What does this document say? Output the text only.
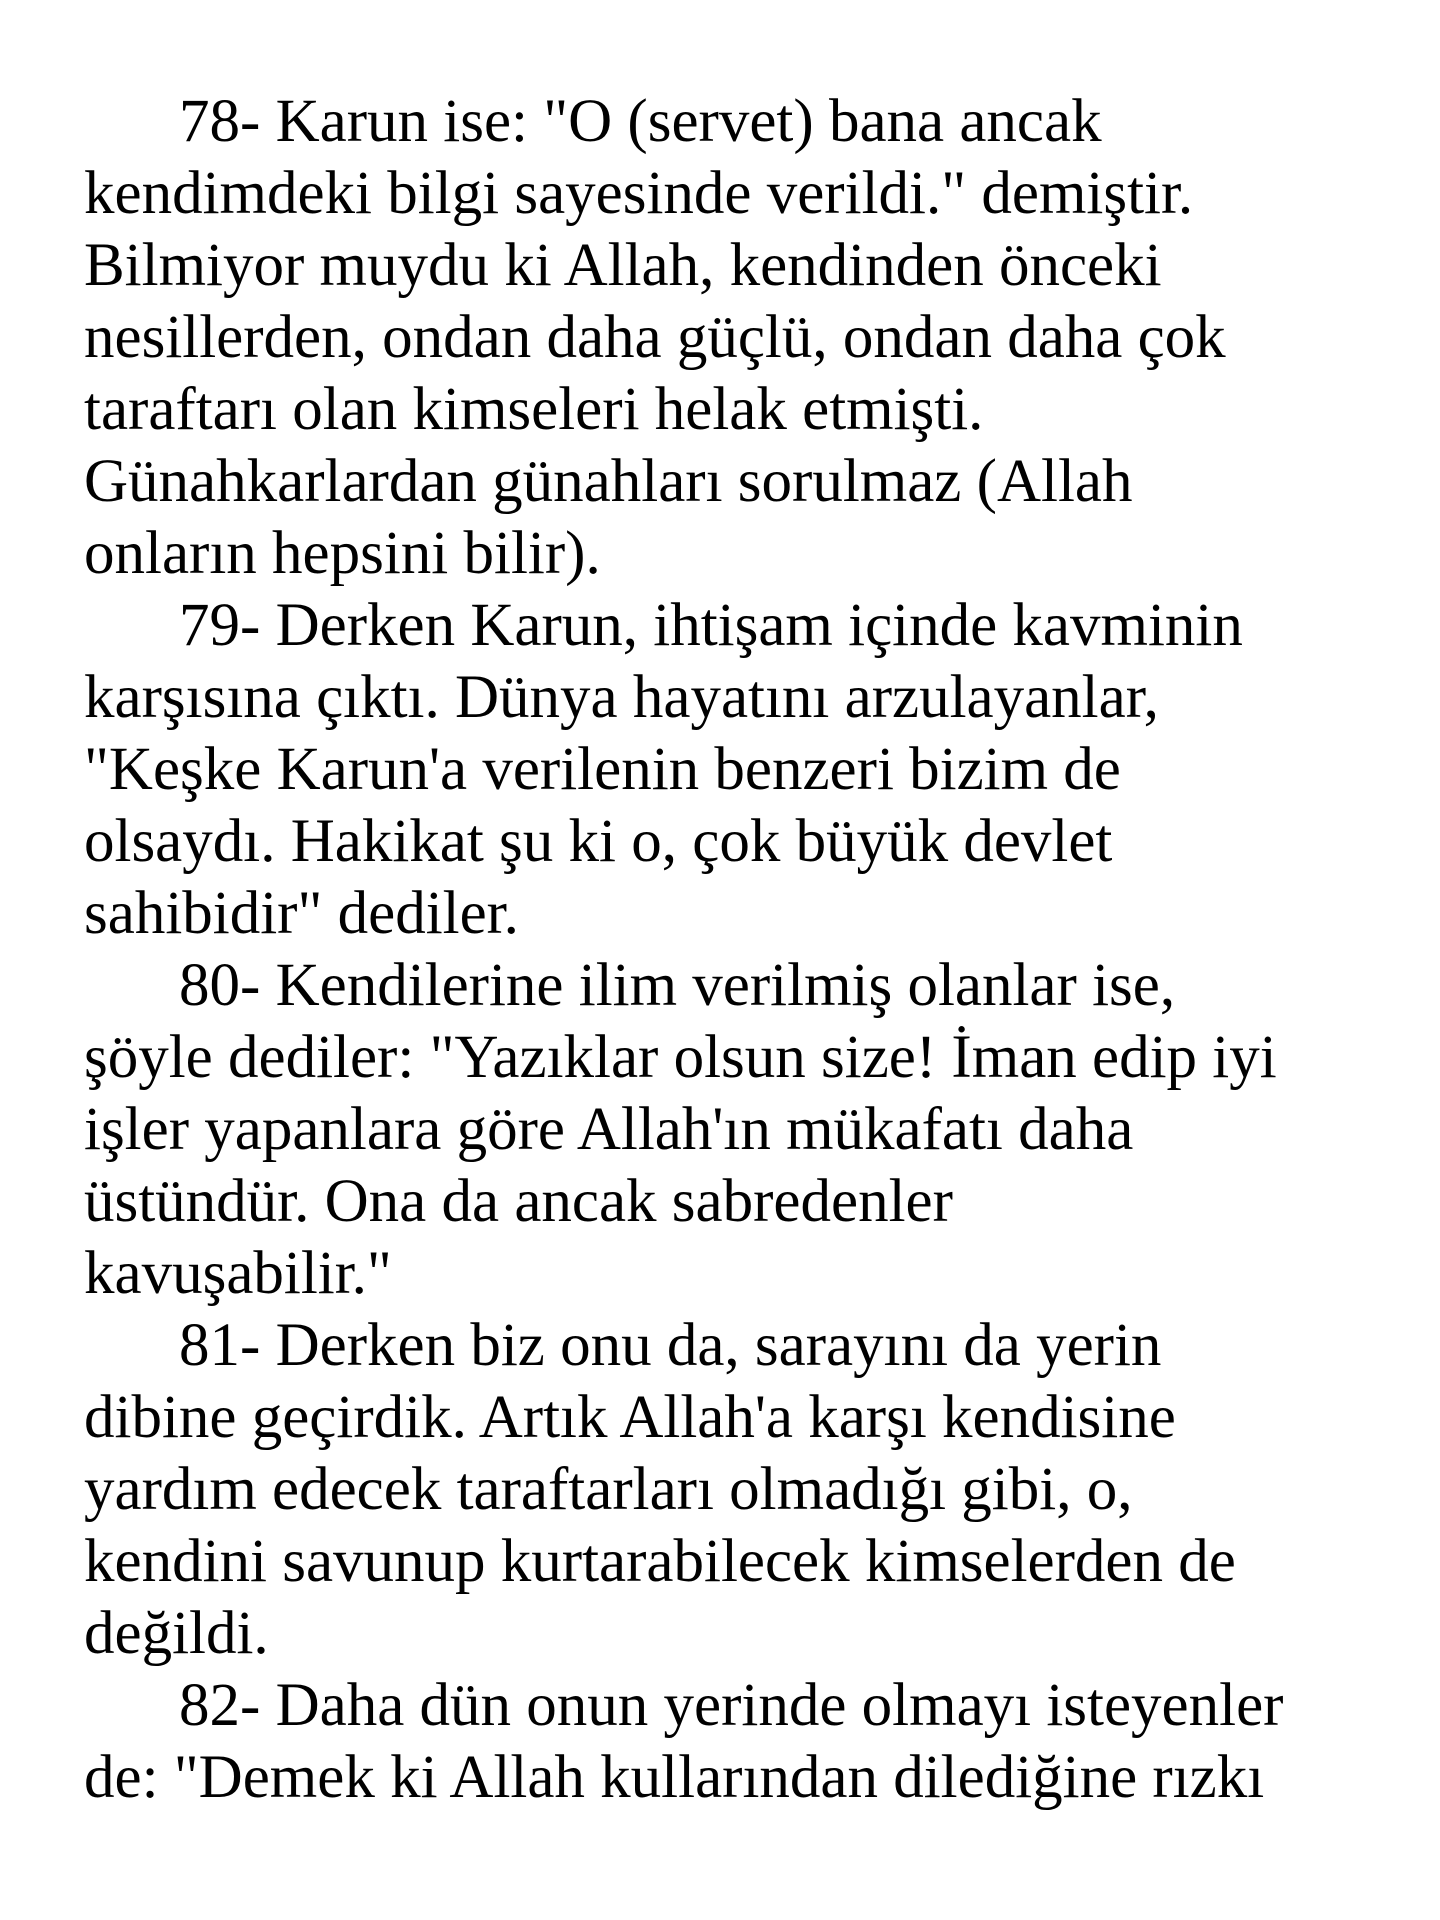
78- Karun ise: "O (servet) bana ancak
kendimdeki bilgi sayesinde verildi." demiştir.
Bilmiyor muydu ki Allah, kendinden önceki
nesillerden, ondan daha güçlü, ondan daha çok
taraftarı olan kimseleri helak etmişti.
Günahkarlardan günahları sorulmaz (Allah
onların hepsini bilir).
79- Derken Karun, ihtişam içinde kavminin
karşısına çıktı. Dünya hayatını arzulayanlar,
"Keşke Karun'a verilenin benzeri bizim de
olsaydı. Hakikat şu ki o, çok büyük devlet
sahibidir" dediler.
80- Kendilerine ilim verilmiş olanlar ise,
şöyle dediler: "Yazıklar olsun size! İman edip iyi
işler yapanlara göre Allah'ın mükafatı daha
üstündür. Ona da ancak sabredenler
kavuşabilir."
81- Derken biz onu da, sarayını da yerin
dibine geçirdik. Artık Allah'a karşı kendisine
yardım edecek taraftarları olmadığı gibi, o,
kendini savunup kurtarabilecek kimselerden de
değildi.
82- Daha dün onun yerinde olmayı isteyenler
de: "Demek ki Allah kullarından dilediğine rızkı
